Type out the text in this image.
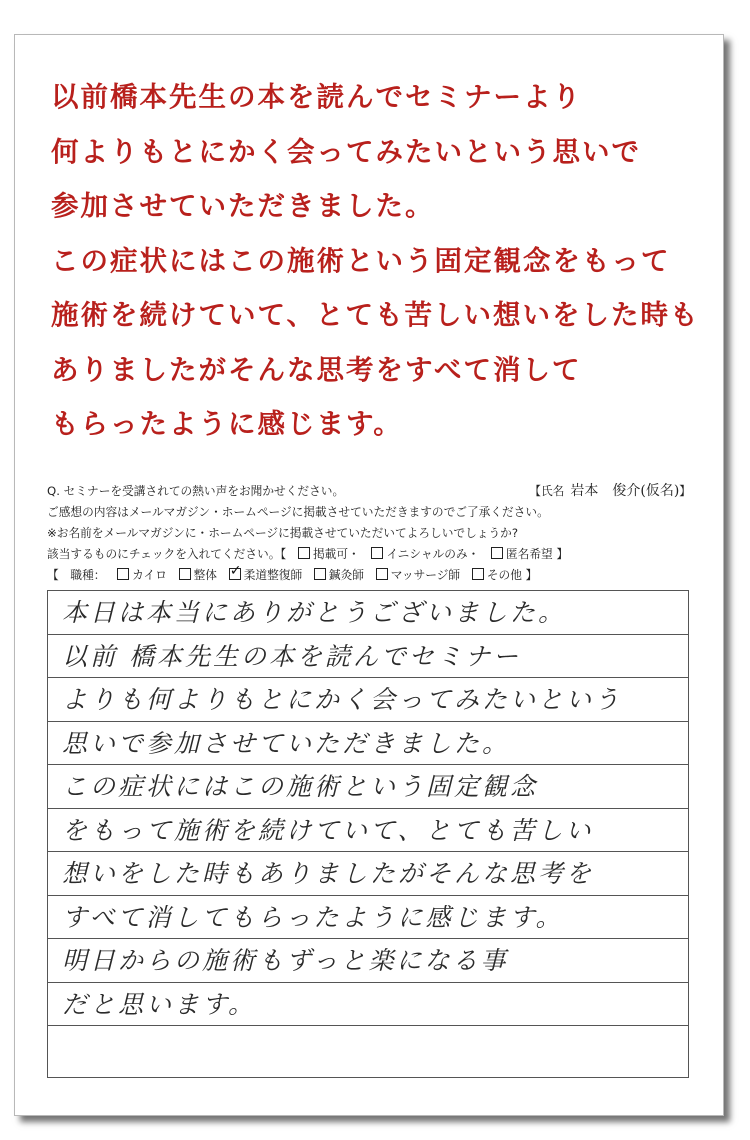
以前橋本先生の本を読んでセミナーより
何よりもとにかく会ってみたいという思いで
参加させていただきました。
この症状にはこの施術という固定観念をもって
施術を続けていて、とても苦しい想いをした時も
ありましたがそんな思考をすべて消して
もらったように感じます。
Q. セミナーを受講されての熱い声をお聞かせください。	【氏名 岩本　俊介(仮名)】
ご感想の内容はメールマガジン・ホームページに掲載させていただきますのでご了承ください。
※お名前をメールマガジンに・ホームページに掲載させていただいてよろしいでしょうか?
該当するものにチェックを入れてください。【 掲載可・ イニシャルのみ・ 匿名希望 】
【　職種： カイロ 整体 ✓ 柔道整復師 鍼灸師 マッサージ師 その他 】
本日は本当にありがとうございました。
以前 橋本先生の本を読んでセミナー
よりも何よりもとにかく会ってみたいという
思いで参加させていただきました。
この症状にはこの施術という固定観念
をもって施術を続けていて、とても苦しい
想いをした時もありましたがそんな思考を
すべて消してもらったように感じます。
明日からの施術もずっと楽になる事
だと思います。
